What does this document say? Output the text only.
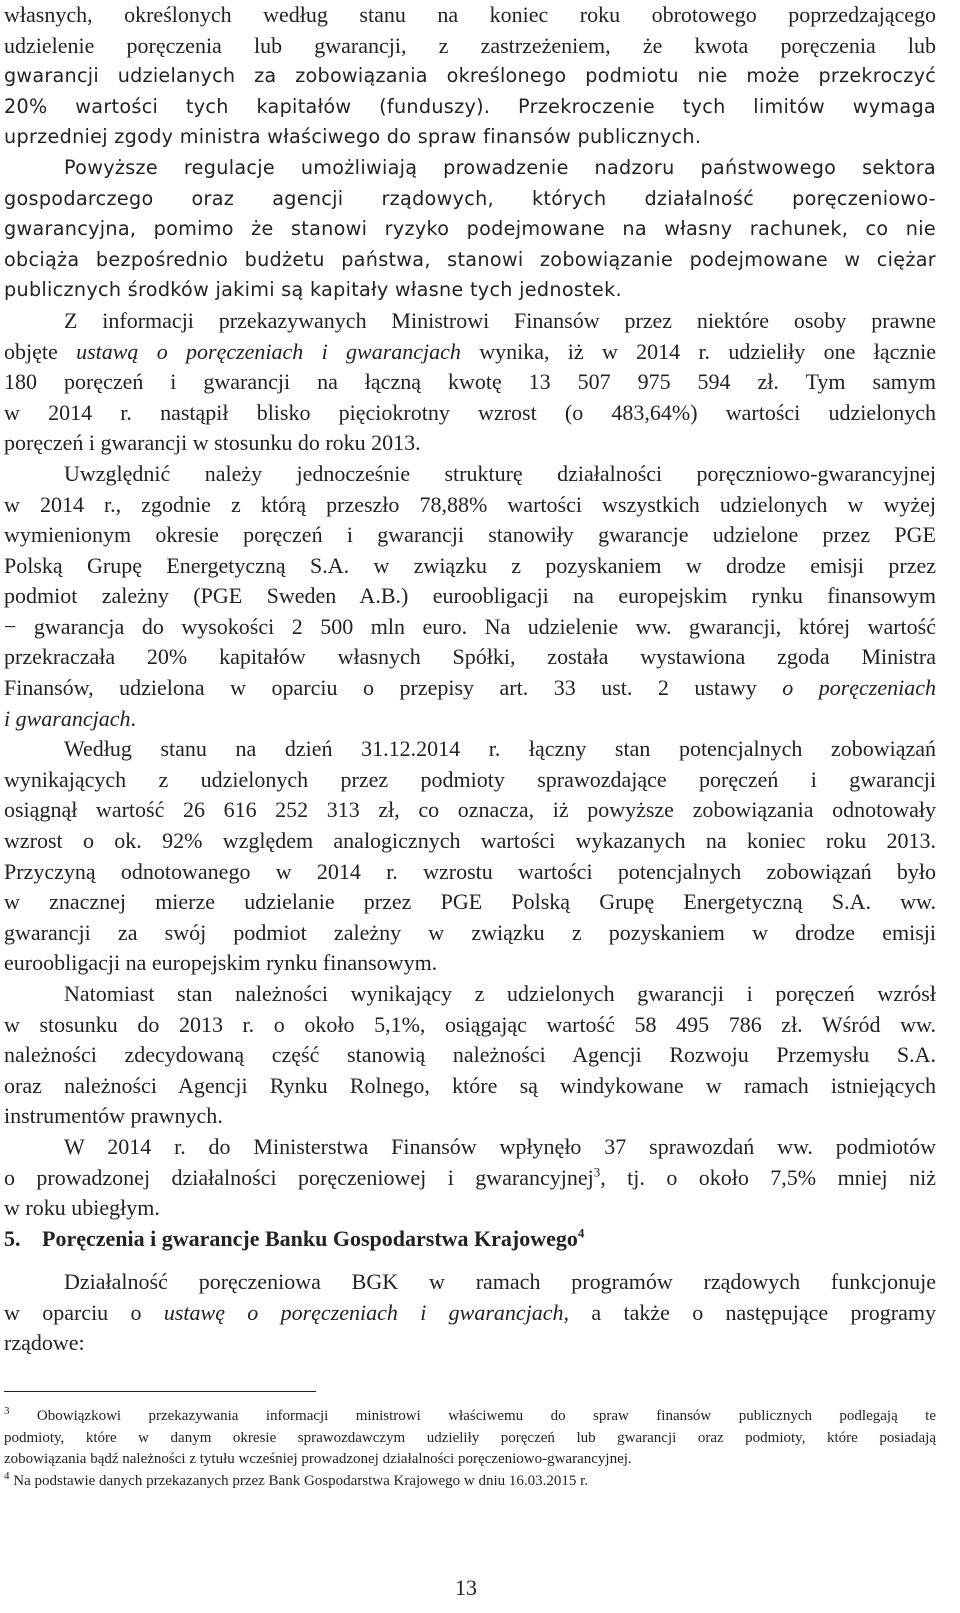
własnych, określonych według stanu na koniec roku obrotowego poprzedzającego
udzielenie poręczenia lub gwarancji, z zastrzeżeniem, że kwota poręczenia lub
gwarancji udzielanych za zobowiązania określonego podmiotu nie może przekroczyć
20% wartości tych kapitałów (funduszy). Przekroczenie tych limitów wymaga
uprzedniej zgody ministra właściwego do spraw finansów publicznych.
Powyższe regulacje umożliwiają prowadzenie nadzoru państwowego sektora
gospodarczego oraz agencji rządowych, których działalność poręczeniowo-
gwarancyjna, pomimo że stanowi ryzyko podejmowane na własny rachunek, co nie
obciąża bezpośrednio budżetu państwa, stanowi zobowiązanie podejmowane w ciężar
publicznych środków jakimi są kapitały własne tych jednostek.
Z informacji przekazywanych Ministrowi Finansów przez niektóre osoby prawne
objęte ustawą o poręczeniach i gwarancjach wynika, iż w 2014 r. udzieliły one łącznie
180 poręczeń i gwarancji na łączną kwotę 13 507 975 594 zł. Tym samym
w 2014 r. nastąpił blisko pięciokrotny wzrost (o 483,64%) wartości udzielonych
poręczeń i gwarancji w stosunku do roku 2013.
Uwzględnić należy jednocześnie strukturę działalności poręczniowo-gwarancyjnej
w 2014 r., zgodnie z którą przeszło 78,88% wartości wszystkich udzielonych w wyżej
wymienionym okresie poręczeń i gwarancji stanowiły gwarancje udzielone przez PGE
Polską Grupę Energetyczną S.A. w związku z pozyskaniem w drodze emisji przez
podmiot zależny (PGE Sweden A.B.) euroobligacji na europejskim rynku finansowym
− gwarancja do wysokości 2 500 mln euro. Na udzielenie ww. gwarancji, której wartość
przekraczała 20% kapitałów własnych Spółki, została wystawiona zgoda Ministra
Finansów, udzielona w oparciu o przepisy art. 33 ust. 2 ustawy o poręczeniach
i gwarancjach.
Według stanu na dzień 31.12.2014 r. łączny stan potencjalnych zobowiązań
wynikających z udzielonych przez podmioty sprawozdające poręczeń i gwarancji
osiągnął wartość 26 616 252 313 zł, co oznacza, iż powyższe zobowiązania odnotowały
wzrost o ok. 92% względem analogicznych wartości wykazanych na koniec roku 2013.
Przyczyną odnotowanego w 2014 r. wzrostu wartości potencjalnych zobowiązań było
w znacznej mierze udzielanie przez PGE Polską Grupę Energetyczną S.A. ww.
gwarancji za swój podmiot zależny w związku z pozyskaniem w drodze emisji
euroobligacji na europejskim rynku finansowym.
Natomiast stan należności wynikający z udzielonych gwarancji i poręczeń wzrósł
w stosunku do 2013 r. o około 5,1%, osiągając wartość 58 495 786 zł. Wśród ww.
należności zdecydowaną część stanowią należności Agencji Rozwoju Przemysłu S.A.
oraz należności Agencji Rynku Rolnego, które są windykowane w ramach istniejących
instrumentów prawnych.
W 2014 r. do Ministerstwa Finansów wpłynęło 37 sprawozdań ww. podmiotów
o prowadzonej działalności poręczeniowej i gwarancyjnej$^3$, tj. o około 7,5% mniej niż
w roku ubiegłym.
5. Poręczenia i gwarancje Banku Gospodarstwa Krajowego$^4$
Działalność poręczeniowa BGK w ramach programów rządowych funkcjonuje
w oparciu o ustawę o poręczeniach i gwarancjach, a także o następujące programy
rządowe:
$^3$ Obowiązkowi przekazywania informacji ministrowi właściwemu do spraw finansów publicznych podlegają te
podmioty, które w danym okresie sprawozdawczym udzieliły poręczeń lub gwarancji oraz podmioty, które posiadają
zobowiązania bądź należności z tytułu wcześniej prowadzonej działalności poręczeniowo-gwarancyjnej.
$^4$ Na podstawie danych przekazanych przez Bank Gospodarstwa Krajowego w dniu 16.03.2015 r.
13
